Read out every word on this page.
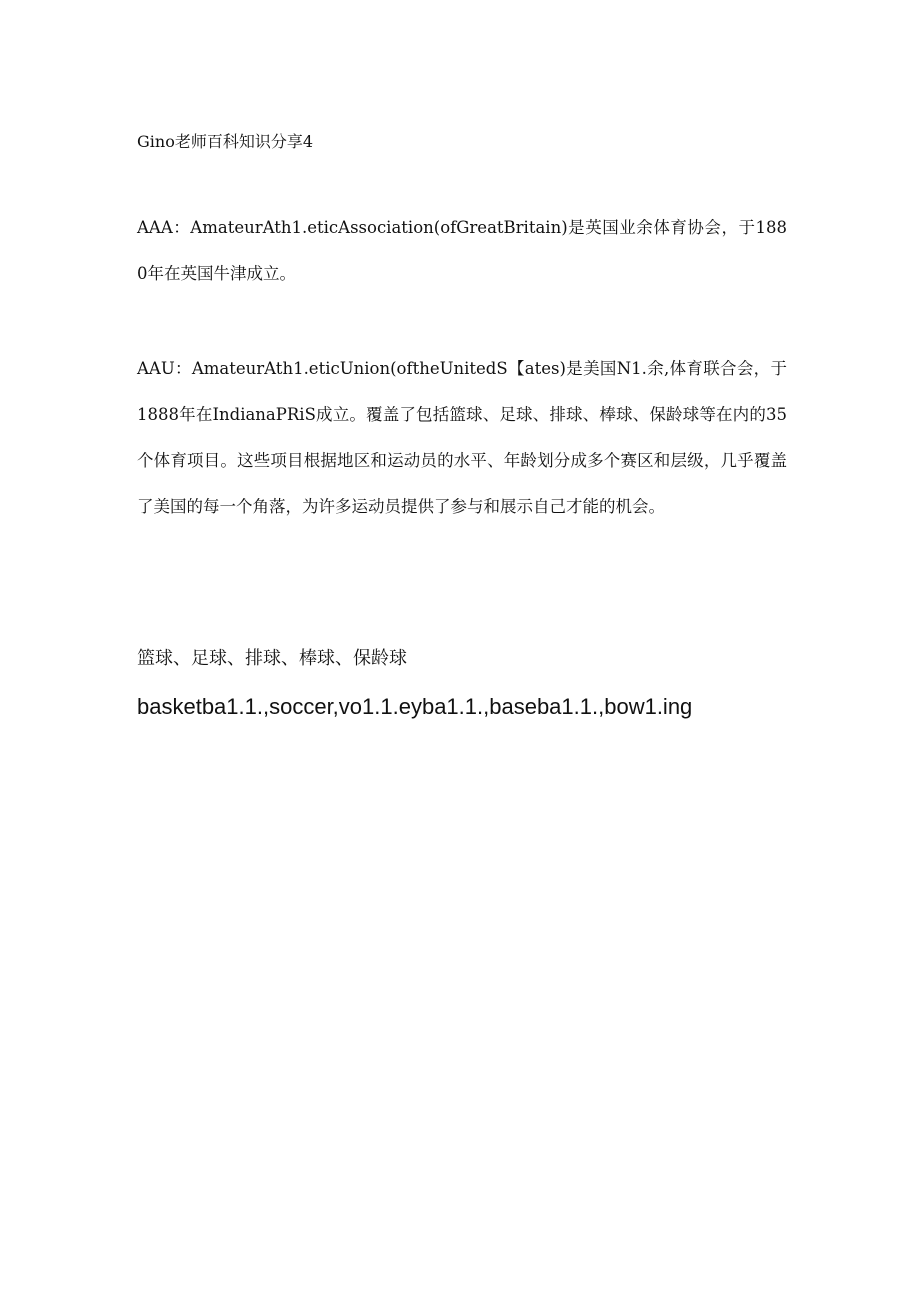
Gino老师百科知识分享4

AAA：AmateurAth1.eticAssociation(ofGreatBritain)是英国业余体育协会，于1880年在英国牛津成立。

AAU：AmateurAth1.eticUnion(oftheUnitedS【ates)是美国N1.余,体育联合会，于1888年在IndianaPRiS成立。覆盖了包括篮球、足球、排球、棒球、保龄球等在内的35个体育项目。这些项目根据地区和运动员的水平、年龄划分成多个赛区和层级，几乎覆盖了美国的每一个角落，为许多运动员提供了参与和展示自己才能的机会。

篮球、足球、排球、棒球、保龄球

basketba1.1.,soccer,vo1.1.eyba1.1.,baseba1.1.,bow1.ing
